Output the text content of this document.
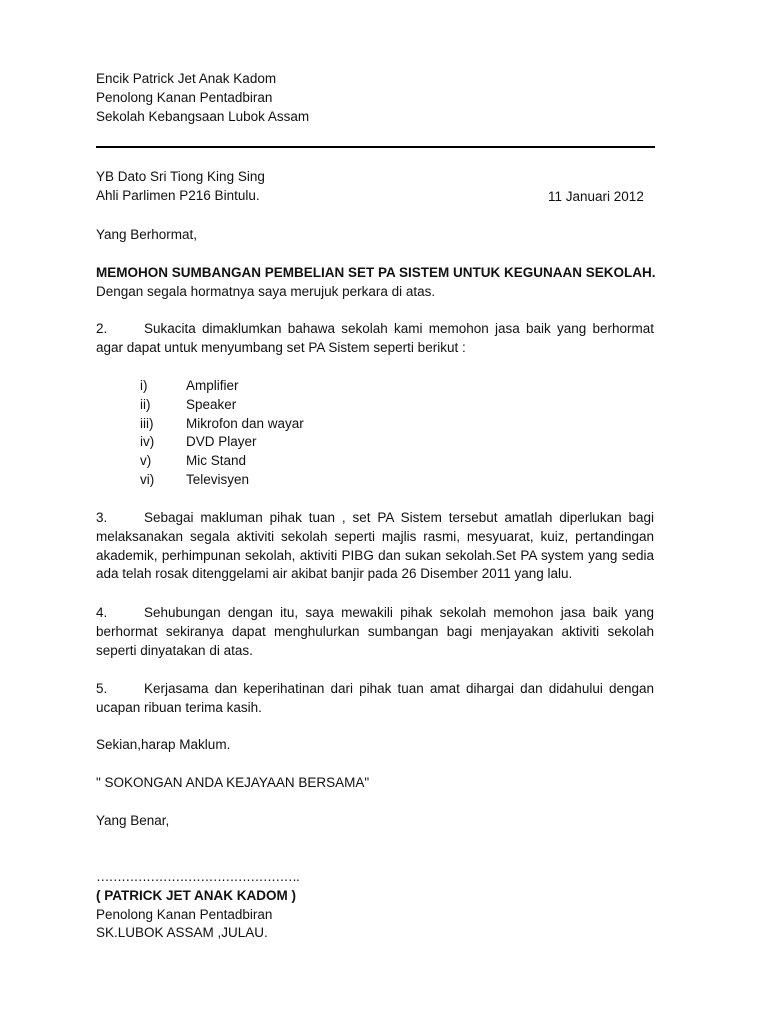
Encik Patrick Jet Anak Kadom
Penolong Kanan Pentadbiran
Sekolah Kebangsaan Lubok Assam
YB Dato Sri Tiong King Sing
Ahli Parlimen P216 Bintulu.	11 Januari 2012
Yang Berhormat,
MEMOHON SUMBANGAN PEMBELIAN SET PA SISTEM UNTUK KEGUNAAN SEKOLAH.
Dengan segala hormatnya saya merujuk perkara di atas.
2.	Sukacita dimaklumkan bahawa sekolah kami memohon jasa baik yang berhormat
agar dapat untuk menyumbang set PA Sistem seperti berikut :
i)	Amplifier
ii)	Speaker
iii) Mikrofon dan wayar
iv) DVD Player
v)	Mic Stand
vi) Televisyen
3.	Sebagai makluman pihak tuan , set PA Sistem tersebut amatlah diperlukan bagi
melaksanakan segala aktiviti sekolah seperti majlis rasmi, mesyuarat, kuiz, pertandingan
akademik, perhimpunan sekolah, aktiviti PIBG dan sukan sekolah.Set PA system yang sedia
ada telah rosak ditenggelami air akibat banjir pada 26 Disember 2011 yang lalu.
4.	Sehubungan dengan itu, saya mewakili pihak sekolah memohon jasa baik yang
berhormat sekiranya dapat menghulurkan sumbangan bagi menjayakan aktiviti sekolah
seperti dinyatakan di atas.
5.	Kerjasama dan keperihatinan dari pihak tuan amat dihargai dan didahului dengan
ucapan ribuan terima kasih.
Sekian,harap Maklum.
" SOKONGAN ANDA KEJAYAAN BERSAMA"
Yang Benar,
………………………………………….
( PATRICK JET ANAK KADOM )
Penolong Kanan Pentadbiran
SK.LUBOK ASSAM ,JULAU.
